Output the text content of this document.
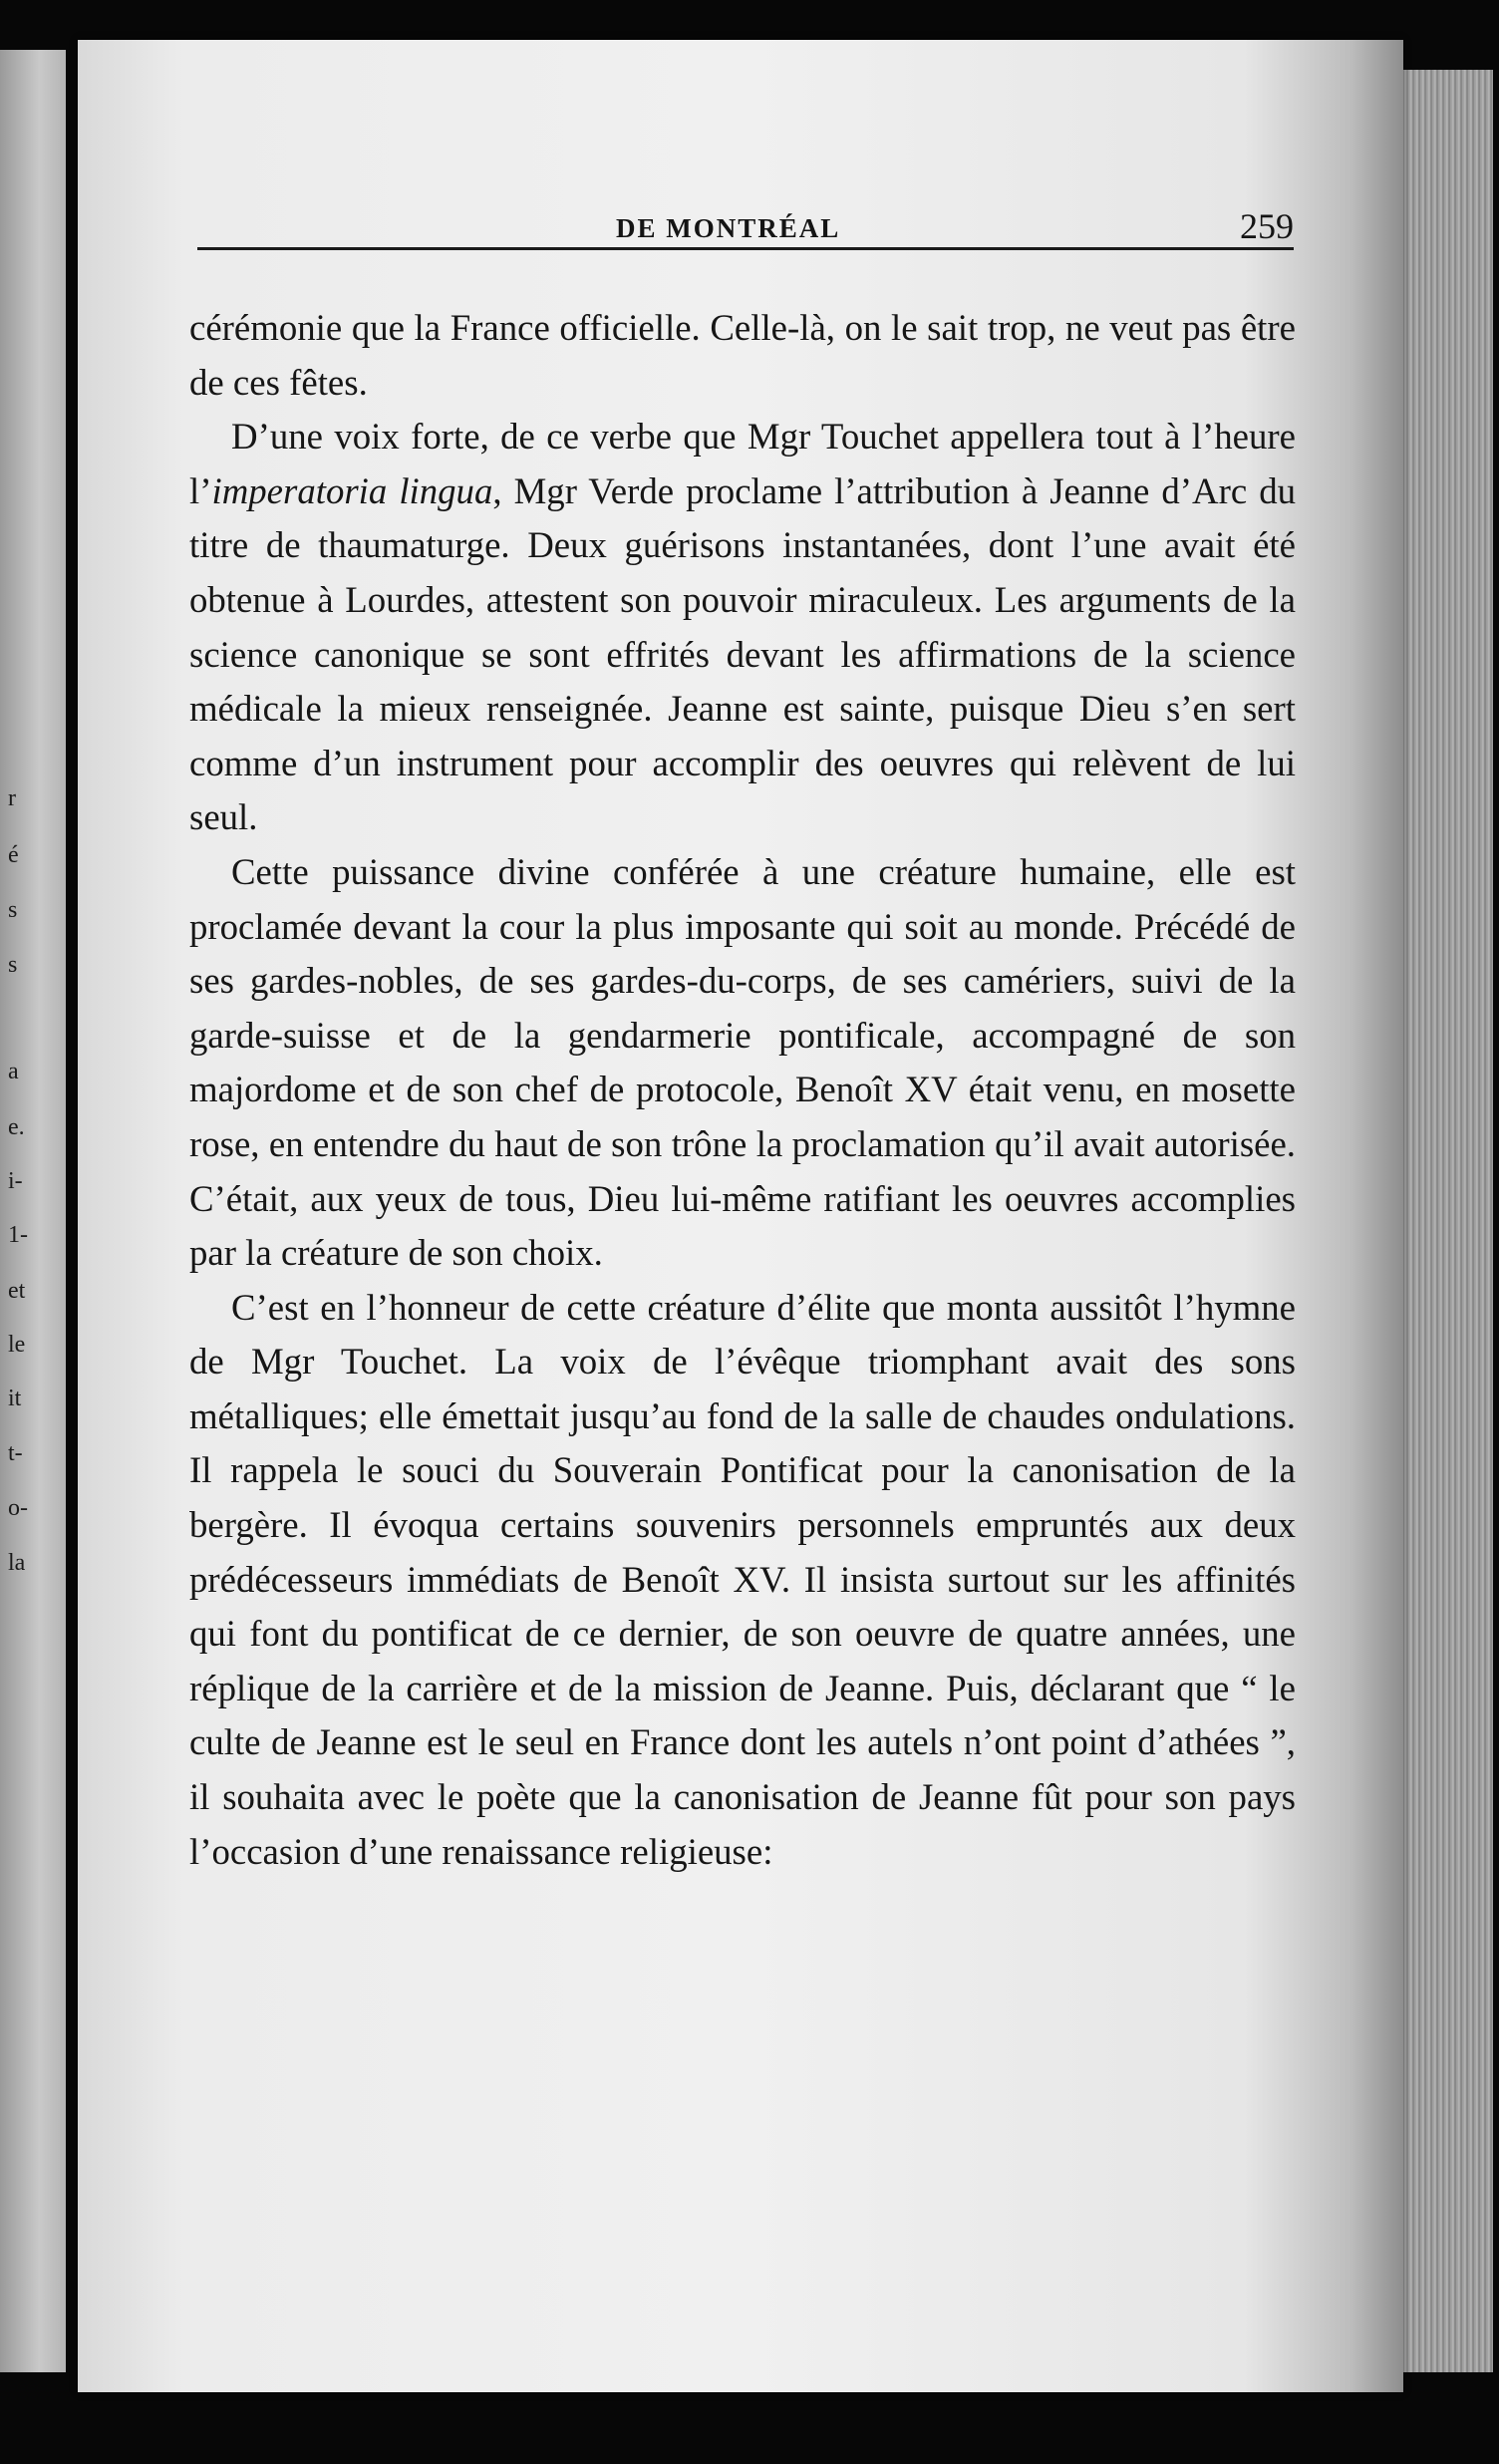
r
é
s
s
a
e.
i-
1-
et
le
it
t-
o-
la
DE MONTRÉAL	259

cérémonie que la France officielle. Celle-là, on le sait trop, ne veut pas être de ces fêtes.

D’une voix forte, de ce verbe que Mgr Touchet appellera tout à l’heure l’imperatoria lingua, Mgr Verde proclame l’attribution à Jeanne d’Arc du titre de thaumaturge. Deux guérisons instantanées, dont l’une avait été obtenue à Lourdes, attestent son pouvoir miraculeux. Les arguments de la science canonique se sont effrités devant les affirmations de la science médicale la mieux renseignée. Jeanne est sainte, puisque Dieu s’en sert comme d’un instrument pour accomplir des oeuvres qui relèvent de lui seul.

Cette puissance divine conférée à une créature humaine, elle est proclamée devant la cour la plus imposante qui soit au monde. Précédé de ses gardes-nobles, de ses gardes-du-corps, de ses camériers, suivi de la garde-suisse et de la gendarmerie pontificale, accompagné de son majordome et de son chef de protocole, Benoît XV était venu, en mosette rose, en entendre du haut de son trône la proclamation qu’il avait autorisée. C’était, aux yeux de tous, Dieu lui-même ratifiant les oeuvres accomplies par la créature de son choix.

C’est en l’honneur de cette créature d’élite que monta aussitôt l’hymne de Mgr Touchet. La voix de l’évêque triomphant avait des sons métalliques; elle émettait jusqu’au fond de la salle de chaudes ondulations. Il rappela le souci du Souverain Pontificat pour la canonisation de la bergère. Il évoqua certains souvenirs personnels empruntés aux deux prédécesseurs immédiats de Benoît XV. Il insista surtout sur les affinités qui font du pontificat de ce dernier, de son oeuvre de quatre années, une réplique de la carrière et de la mission de Jeanne. Puis, déclarant que “ le culte de Jeanne est le seul en France dont les autels n’ont point d’athées ”, il souhaita avec le poète que la canonisation de Jeanne fût pour son pays l’occasion d’une renaissance religieuse:
